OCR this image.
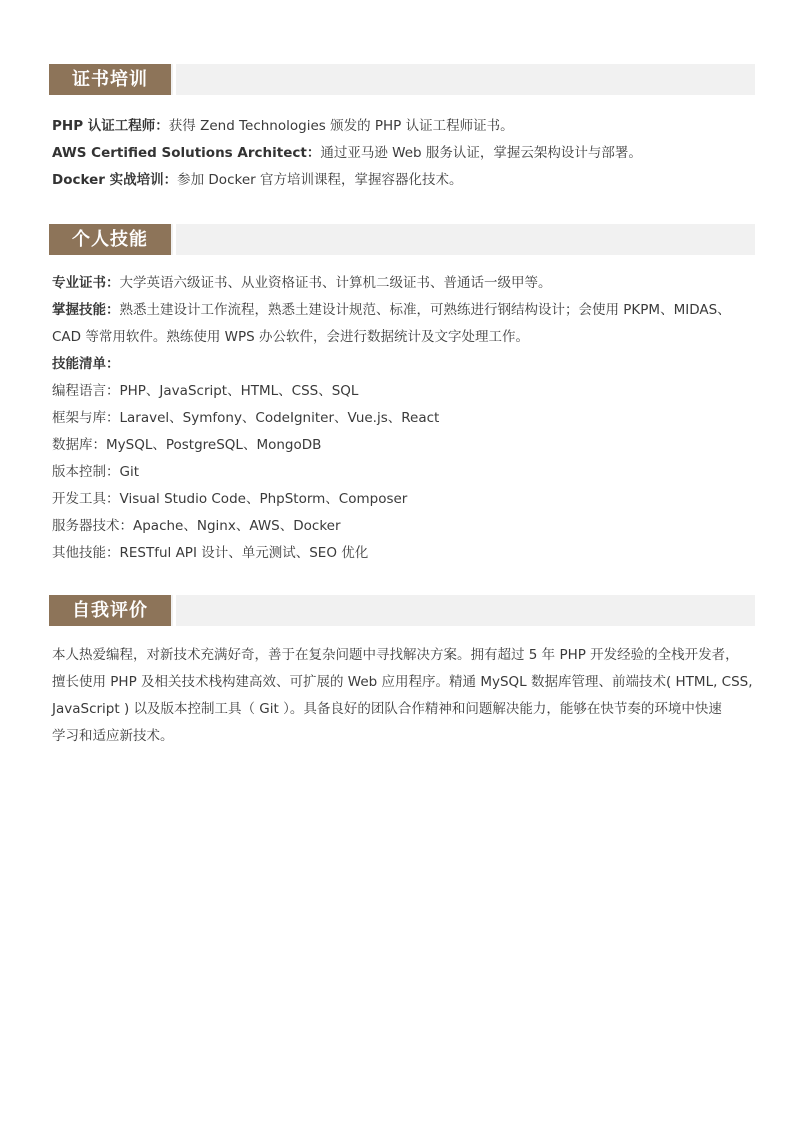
证书培训
PHP 认证工程师：获得 Zend Technologies 颁发的 PHP 认证工程师证书。
AWS Certified Solutions Architect：通过亚马逊 Web 服务认证，掌握云架构设计与部署。
Docker 实战培训：参加 Docker 官方培训课程，掌握容器化技术。
个人技能
专业证书：大学英语六级证书、从业资格证书、计算机二级证书、普通话一级甲等。
掌握技能：熟悉土建设计工作流程，熟悉土建设计规范、标准，可熟练进行钢结构设计；会使用 PKPM、MIDAS、
CAD 等常用软件。熟练使用 WPS 办公软件，会进行数据统计及文字处理工作。
技能清单：
编程语言：PHP、JavaScript、HTML、CSS、SQL
框架与库：Laravel、Symfony、CodeIgniter、Vue.js、React
数据库：MySQL、PostgreSQL、MongoDB
版本控制：Git
开发工具：Visual Studio Code、PhpStorm、Composer
服务器技术：Apache、Nginx、AWS、Docker
其他技能：RESTful API 设计、单元测试、SEO 优化
自我评价
本人热爱编程，对新技术充满好奇，善于在复杂问题中寻找解决方案。拥有超过 5 年 PHP 开发经验的全栈开发者，
擅长使用 PHP 及相关技术栈构建高效、可扩展的 Web 应用程序。精通 MySQL 数据库管理、前端技术( HTML, CSS,
JavaScript ) 以及版本控制工具（ Git ）。具备良好的团队合作精神和问题解决能力，能够在快节奏的环境中快速
学习和适应新技术。
